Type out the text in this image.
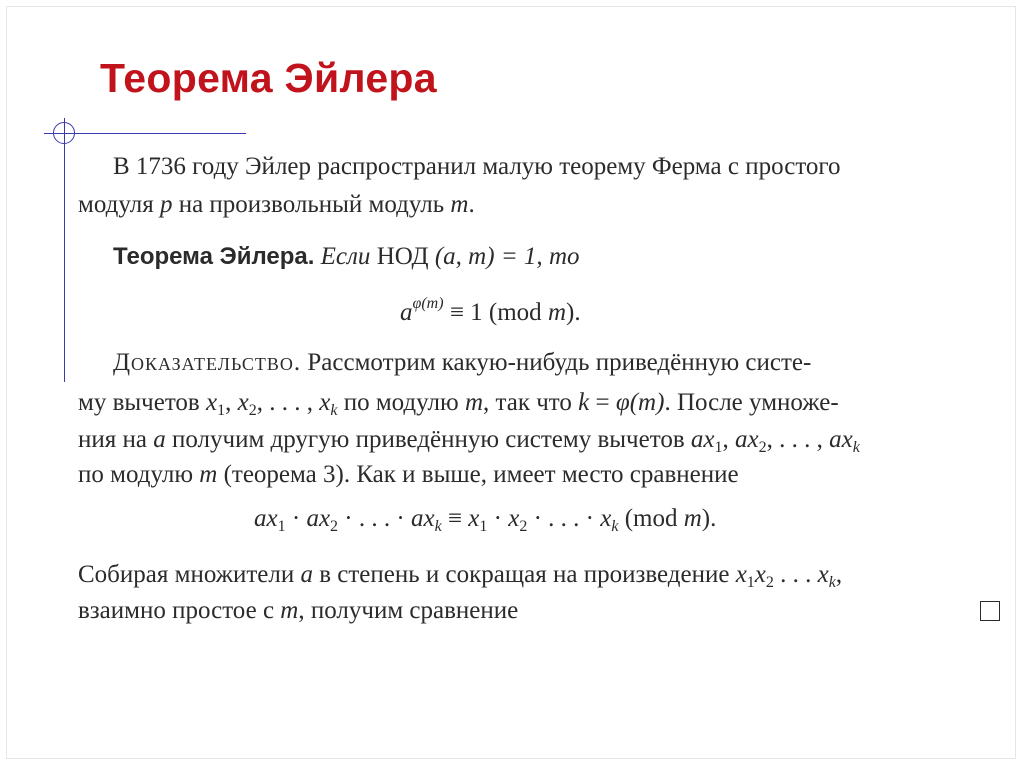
Теорема Эйлера
В 1736 году Эйлер распространил малую теорему Ферма с простого
модуля p на произвольный модуль m.
Теорема Эйлера. Если НОД (a, m) = 1, то
$a^{\varphi(m)} \equiv 1$ (mod m).
Доказательство. Рассмотрим какую-нибудь приведённую систе-
му вычетов $x_1$, $x_2$, . . . , $x_k$ по модулю m, так что k = φ(m). После умноже-
ния на a получим другую приведённую систему вычетов $ax_1$, $ax_2$, . . . , $ax_k$
по модулю m (теорема 3). Как и выше, имеет место сравнение
$ax_1 \cdot ax_2$ · . . . · $ax_k \equiv x_1 \cdot x_2$ · . . . · $x_k$ (mod m).
Собирая множители a в степень и сокращая на произведение $x_1x_2$ . . . $x_k$,
взаимно простое с m, получим сравнение
